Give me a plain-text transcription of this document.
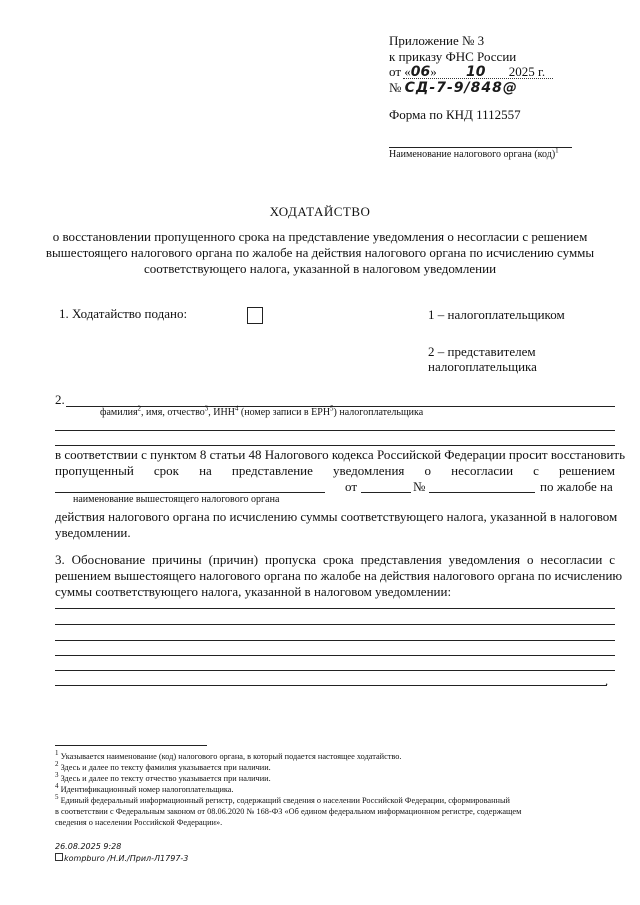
Приложение № 3
к приказу ФНС России
от «06» 10 2025 г.
№ СД-7-9/848@
Форма по КНД 1112557
Наименование налогового органа (код)$^1$
ХОДАТАЙСТВО
о восстановлении пропущенного срока на представление уведомления о несогласии с решением
вышестоящего налогового органа по жалобе на действия налогового органа по исчислению суммы
соответствующего налога, указанной в налоговом уведомлении
1. Ходатайство подано:	1 – налогоплательщиком
2 – представителем
налогоплательщика
2.
фамилия$^2$, имя, отчество$^3$, ИНН$^4$ (номер записи в ЕРН$^5$) налогоплательщика
в соответствии с пунктом 8 статьи 48 Налогового кодекса Российской Федерации просит восстановить
пропущенный срок на представление уведомления о несогласии с решением
от	№	по жалобе на
наименование вышестоящего налогового органа
действия налогового органа по исчислению суммы соответствующего налога, указанной в налоговом
уведомлении.
3. Обоснование причины (причин) пропуска срока представления уведомления о несогласии с
решением вышестоящего налогового органа по жалобе на действия налогового органа по исчислению
суммы соответствующего налога, указанной в налоговом уведомлении:
.
$^1$ Указывается наименование (код) налогового органа, в который подается настоящее ходатайство.
$^2$ Здесь и далее по тексту фамилия указывается при наличии.
$^3$ Здесь и далее по тексту отчество указывается при наличии.
$^4$ Идентификационный номер налогоплательщика.
$^5$ Единый федеральный информационный регистр, содержащий сведения о населении Российской Федерации, сформированный
в соответствии с Федеральным законом от 08.06.2020 № 168-ФЗ «Об едином федеральном информационном регистре, содержащем
сведения о населении Российской Федерации».
26.08.2025 9:28
kompburo /Н.И./Прил-Л1797-3
